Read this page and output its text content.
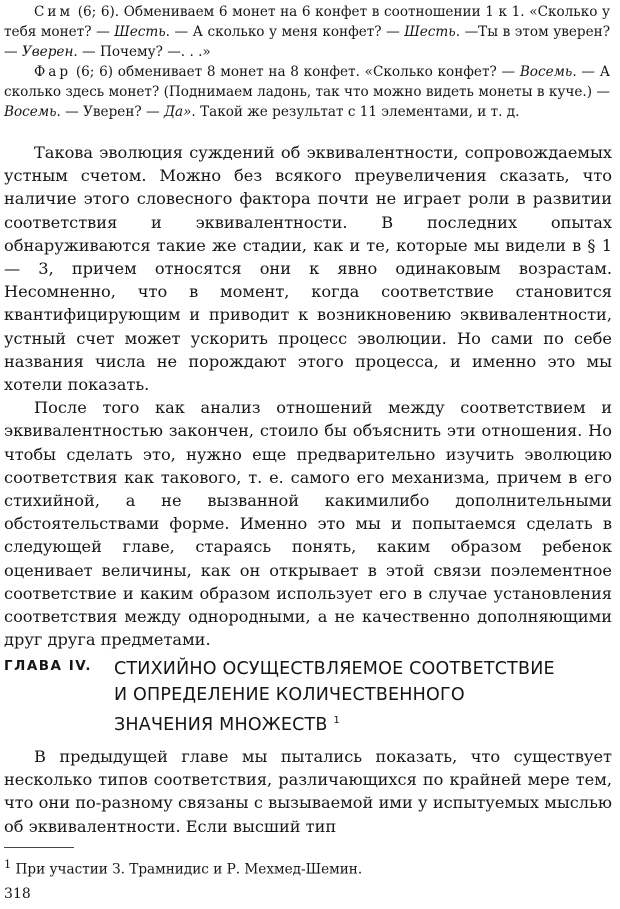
Сим (6; 6). Обмениваем 6 монет на 6 конфет в соотношении 1 к 1. «Сколько у тебя монет? — Шесть. — А сколько у меня конфет? — Шесть. —Ты в этом уверен? — Уверен. — Почему? —. . .»

Фар (6; 6) обменивает 8 монет на 8 конфет. «Сколько конфет? — Восемь. — А сколько здесь монет? (Поднимаем ладонь, так что можно видеть монеты в куче.) — Восемь. — Уверен? — Да». Такой же результат с 11 элементами, и т. д.

Такова эволюция суждений об эквивалентности, сопровождаемых устным счетом. Можно без всякого преувеличения сказать, что наличие этого словесного фактора почти не играет роли в развитии соответствия и эквивалентности. В последних опытах обнаруживаются такие же стадии, как и те, которые мы видели в § 1 — 3, причем относятся они к явно одинаковым возрастам. Несомненно, что в момент, когда соответствие становится квантифицирующим и приводит к возникновению эквивалентности, устный счет может ускорить процесс эволюции. Но сами по себе названия числа не порождают этого процесса, и именно это мы хотели показать.

После того как анализ отношений между соответствием и эквивалентностью закончен, стоило бы объяснить эти отношения. Но чтобы сделать это, нужно еще предварительно изучить эволюцию соответствия как такового, т. е. самого его механизма, причем в его стихийной, а не вызванной какимилибо дополнительными обстоятельствами форме. Именно это мы и попытаемся сделать в следующей главе, стараясь понять, каким образом ребенок оценивает величины, как он открывает в этой связи поэлементное соответствие и каким образом использует его в случае установления соответствия между однородными, а не качественно дополняющими друг друга предметами.

ГЛАВА IV. СТИХИЙНО ОСУЩЕСТВЛЯЕМОЕ СООТВЕТСТВИЕ
И ОПРЕДЕЛЕНИЕ КОЛИЧЕСТВЕННОГО
ЗНАЧЕНИЯ МНОЖЕСТВ $^1$

В предыдущей главе мы пытались показать, что существует несколько типов соответствия, различающихся по крайней мере тем, что они по-разному связаны с вызываемой ими у испытуемых мыслью об эквивалентности. Если высший тип

$^1$ При участии З. Трамнидис и Р. Мехмед-Шемин.
318
